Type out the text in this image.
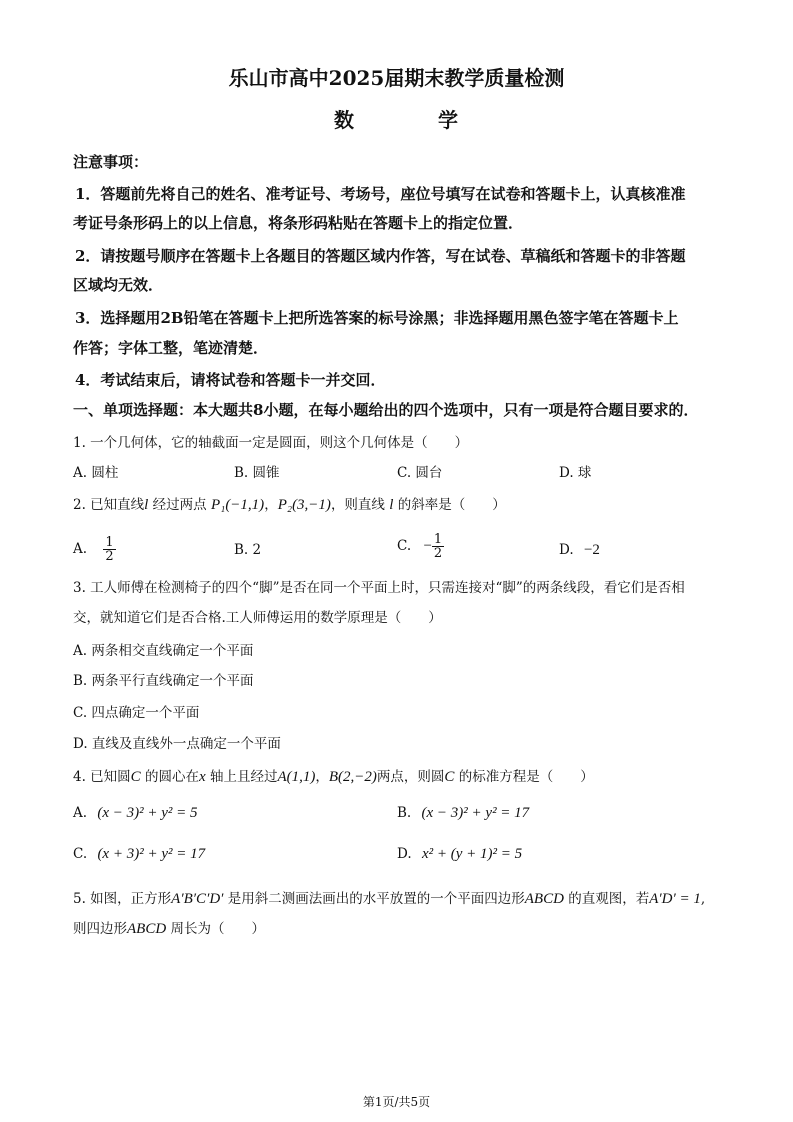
乐山市高中2025届期末教学质量检测
数	学
注意事项：
1．答题前先将自己的姓名、准考证号、考场号，座位号填写在试卷和答题卡上，认真核准准
考证号条形码上的以上信息，将条形码粘贴在答题卡上的指定位置．
2．请按题号顺序在答题卡上各题目的答题区域内作答，写在试卷、草稿纸和答题卡的非答题
区域均无效．
3．选择题用2B铅笔在答题卡上把所选答案的标号涂黑；非选择题用黑色签字笔在答题卡上
作答；字体工整，笔迹清楚．
4．考试结束后，请将试卷和答题卡一并交回．
一、单项选择题：本大题共8小题，在每小题给出的四个选项中，只有一项是符合题目要求的．
1. 一个几何体，它的轴截面一定是圆面，则这个几何体是（　　）
A. 圆柱	B. 圆锥	C. 圆台	D. 球
2. 已知直线l 经过两点 P₁(−1,1)，P₂(3,−1)，则直线 l 的斜率是（　　）
A. $\frac{1}{2}$	B. 2	C. − $\frac{1}{2}$	D. −2
3. 工人师傅在检测椅子的四个“脚”是否在同一个平面上时，只需连接对“脚”的两条线段，看它们是否相
交，就知道它们是否合格.工人师傅运用的数学原理是（　　）
A. 两条相交直线确定一个平面
B. 两条平行直线确定一个平面
C. 四点确定一个平面
D. 直线及直线外一点确定一个平面
4. 已知圆C 的圆心在x 轴上且经过A(1,1)，B(2,−2)两点，则圆C 的标准方程是（　　）
A. (x − 3)² + y² = 5	B. (x − 3)² + y² = 17
C. (x + 3)² + y² = 17	D. x² + (y + 1)² = 5
5. 如图，正方形A′B′C′D′ 是用斜二测画法画出的水平放置的一个平面四边形ABCD 的直观图，若A′D′ = 1,
则四边形ABCD 周长为（　　）
第1页/共5页
